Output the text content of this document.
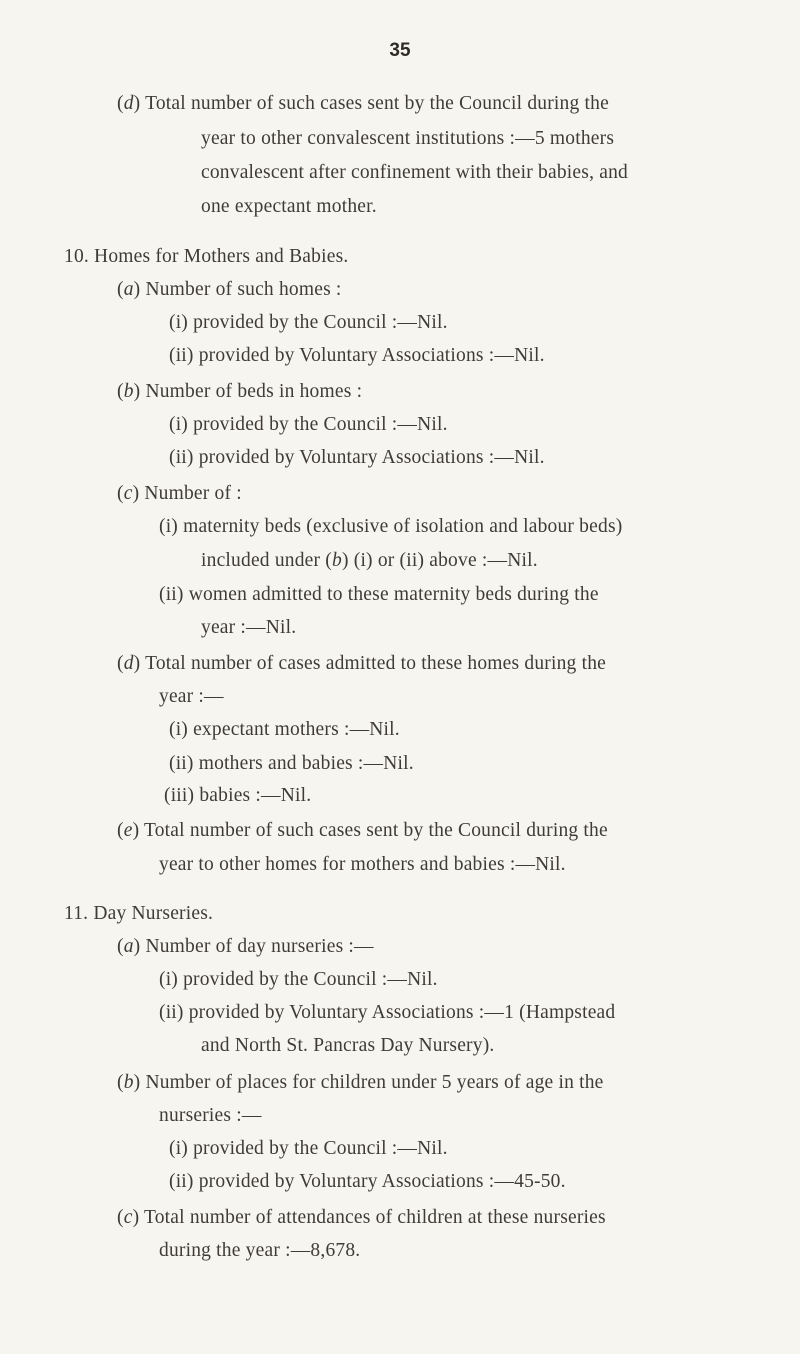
35
(d) Total number of such cases sent by the Council during the
year to other convalescent institutions :—5 mothers
convalescent after confinement with their babies, and
one expectant mother.
10. Homes for Mothers and Babies.
(a) Number of such homes :
(i) provided by the Council :—Nil.
(ii) provided by Voluntary Associations :—Nil.
(b) Number of beds in homes :
(i) provided by the Council :—Nil.
(ii) provided by Voluntary Associations :—Nil.
(c) Number of :
(i) maternity beds (exclusive of isolation and labour beds)
included under (b) (i) or (ii) above :—Nil.
(ii) women admitted to these maternity beds during the
year :—Nil.
(d) Total number of cases admitted to these homes during the
year :—
(i) expectant mothers :—Nil.
(ii) mothers and babies :—Nil.
(iii) babies :—Nil.
(e) Total number of such cases sent by the Council during the
year to other homes for mothers and babies :—Nil.
11. Day Nurseries.
(a) Number of day nurseries :—
(i) provided by the Council :—Nil.
(ii) provided by Voluntary Associations :—1 (Hampstead
and North St. Pancras Day Nursery).
(b) Number of places for children under 5 years of age in the
nurseries :—
(i) provided by the Council :—Nil.
(ii) provided by Voluntary Associations :—45-50.
(c) Total number of attendances of children at these nurseries
during the year :—8,678.
